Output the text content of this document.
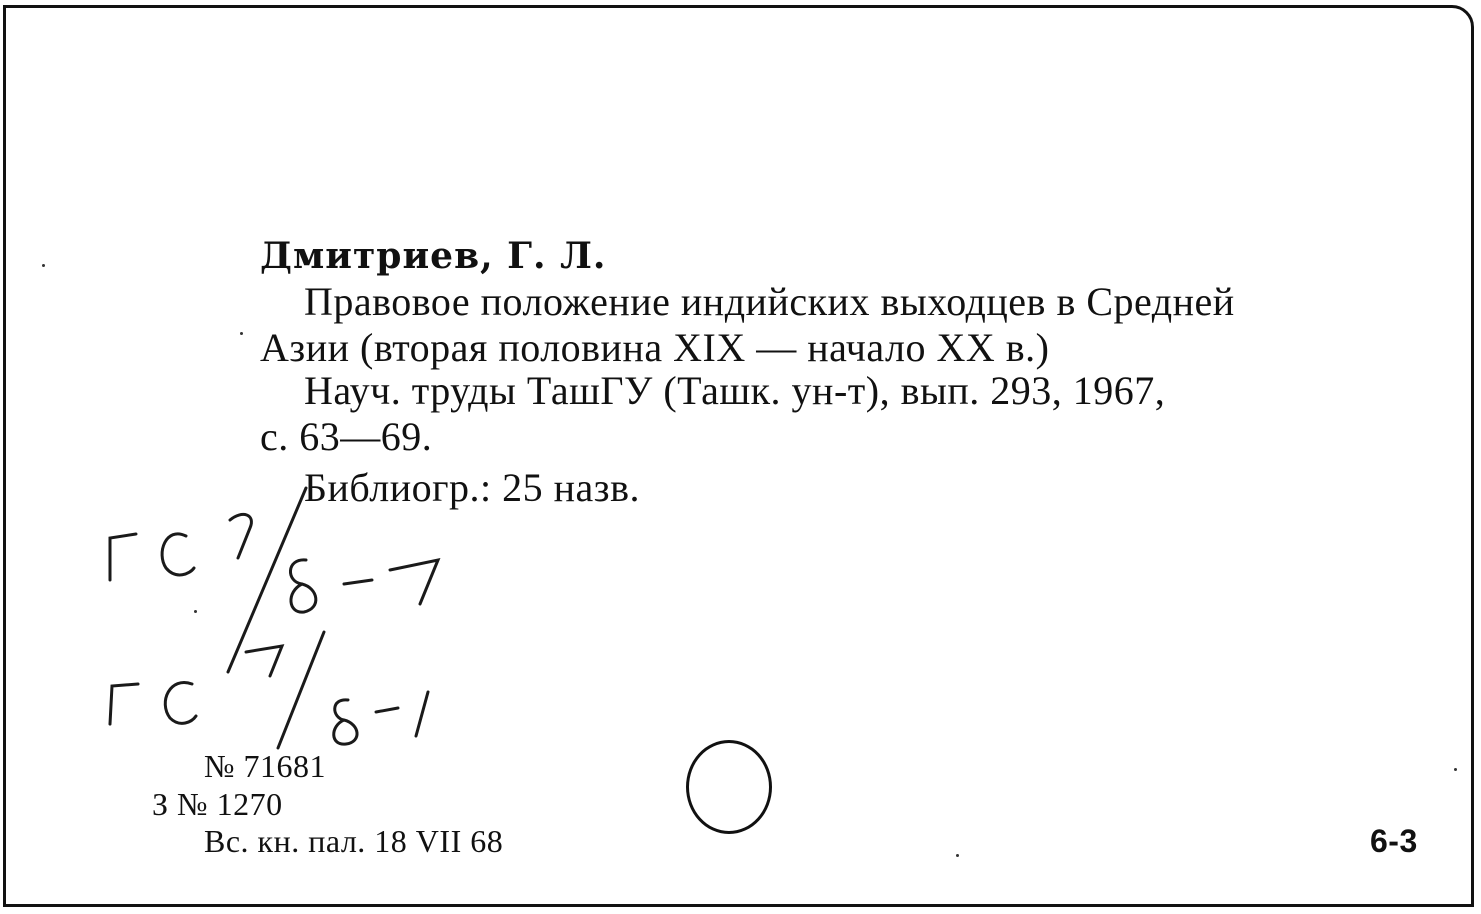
Дмитриев, Г. Л.
Правовое положение индийских выходцев в Средней
Азии (вторая половина XIX — начало XX в.)
Науч. труды ТашГУ (Ташк. ун-т), вып. 293, 1967,
с. 63—69.
Библиогр.: 25 назв.
№ 71681
З № 1270
Вс. кн. пал. 18 VII 68	6-3
